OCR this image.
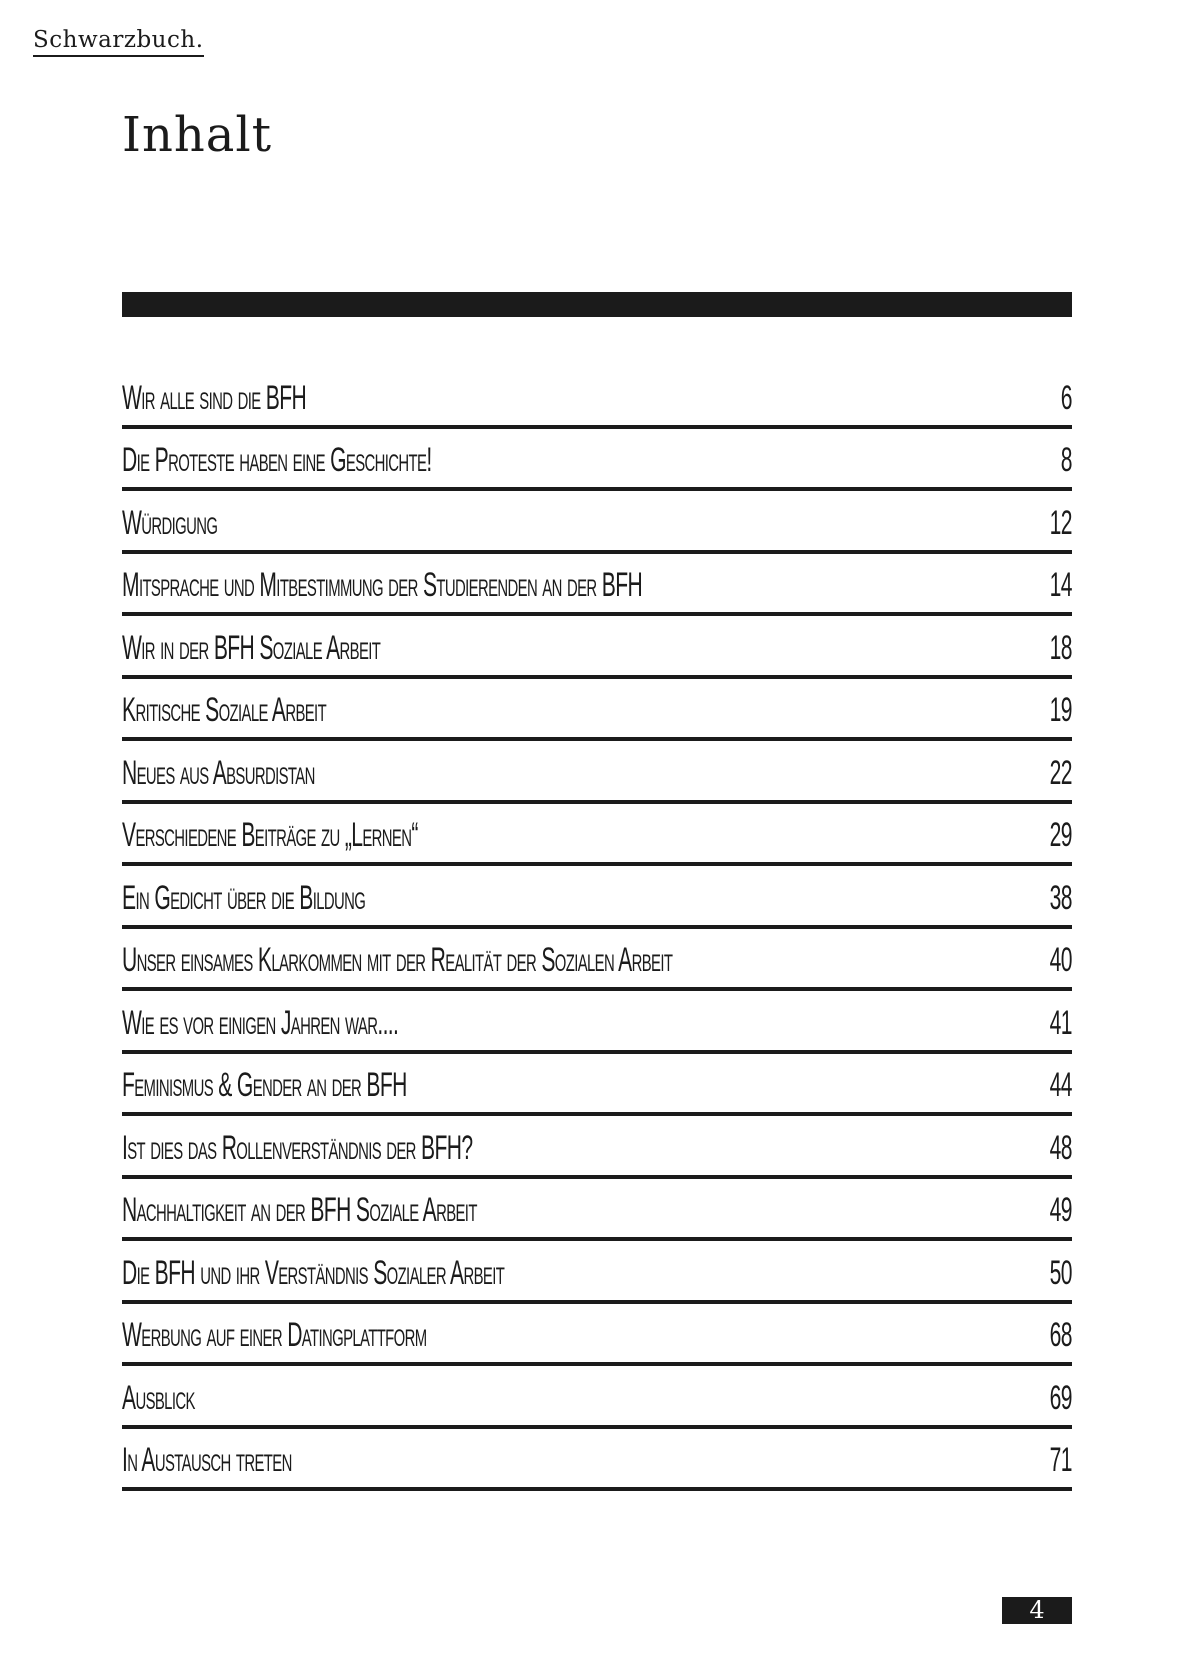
Schwarzbuch.
Inhalt
Wir alle sind die BFH	6
Die Proteste haben eine Geschichte!	8
Würdigung	12
Mitsprache und Mitbestimmung der Studierenden an der BFH	14
Wir in der BFH Soziale Arbeit	18
Kritische Soziale Arbeit	19
Neues aus Absurdistan	22
Verschiedene Beiträge zu „Lernen“	29
Ein Gedicht über die Bildung	38
Unser einsames Klarkommen mit der Realität der Sozialen Arbeit	40
Wie es vor einigen Jahren war....	41
Feminismus & Gender an der BFH	44
Ist dies das Rollenverständnis der BFH?	48
Nachhaltigkeit an der BFH Soziale Arbeit	49
Die BFH und ihr Verständnis Sozialer Arbeit	50
Werbung auf einer Datingplattform	68
Ausblick	69
In Austausch treten	71
4
